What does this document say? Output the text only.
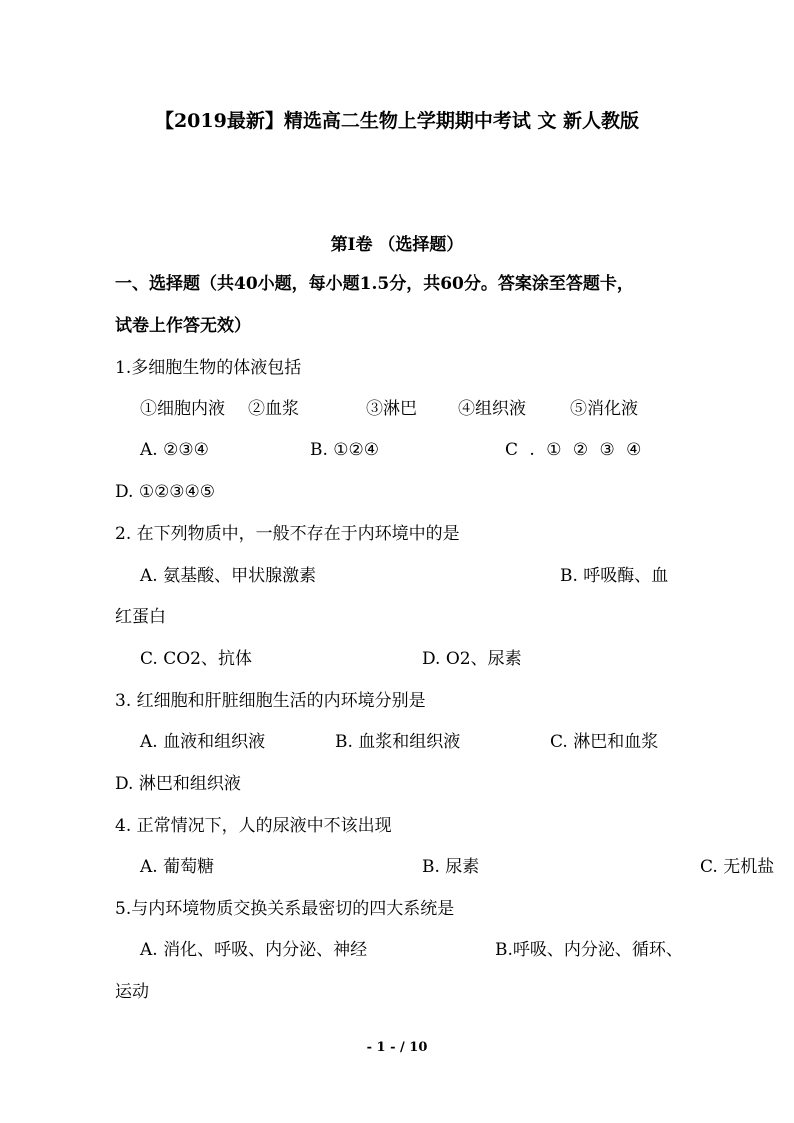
【2019最新】精选高二生物上学期期中考试 文 新人教版
第Ⅰ卷 （选择题）
一、选择题（共40小题，每小题1.5分，共60分。答案涂至答题卡，
试卷上作答无效）
1.多细胞生物的体液包括
①细胞内液 ②血浆	③淋巴 ④组织液	⑤消化液
A. ②③④	B. ①②④	C . ① ② ③ ④
D. ①②③④⑤
2. 在下列物质中，一般不存在于内环境中的是
A. 氨基酸、甲状腺激素	B. 呼吸酶、血
红蛋白
C. CO2、抗体	D. O2、尿素
3. 红细胞和肝脏细胞生活的内环境分别是
A. 血液和组织液	B. 血浆和组织液	C. 淋巴和血浆
D. 淋巴和组织液
4. 正常情况下，人的尿液中不该出现
A. 葡萄糖	B. 尿素	C. 无机盐
5.与内环境物质交换关系最密切的四大系统是
A. 消化、呼吸、内分泌、神经	B.呼吸、内分泌、循环、
运动
- 1 - / 10
